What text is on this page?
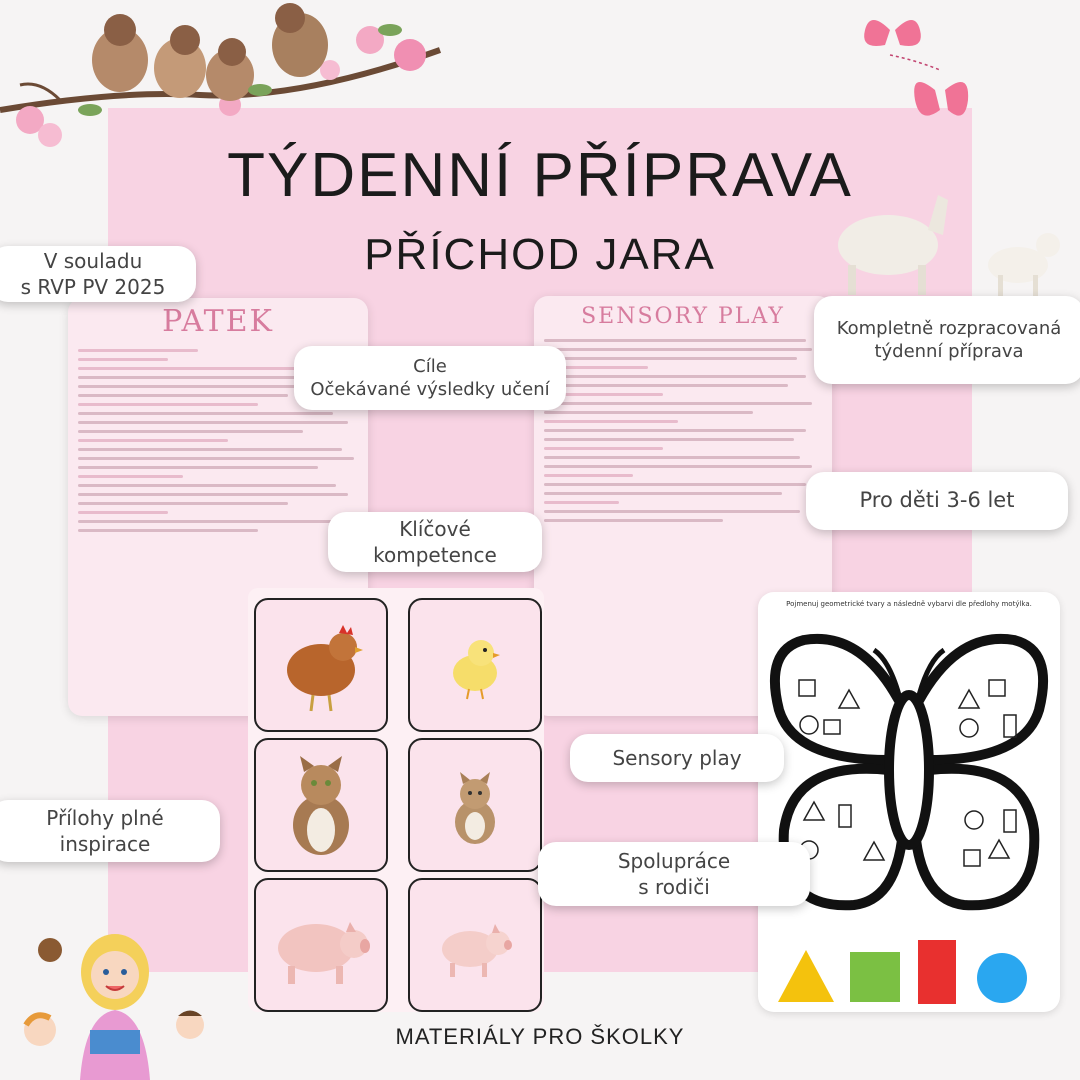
TÝDENNÍ PŘÍPRAVA
PŘÍCHOD JARA
PATEK	SENSORY PLAY
Pojmenuj geometrické tvary a následně vybarvi dle předlohy motýlka.
V souladu
s RVP PV 2025
Kompletně rozpracovaná
týdenní příprava
Pro děti 3-6 let
Cíle
Očekávané výsledky učení
Klíčové
kompetence
Sensory play
Spolupráce
s rodiči
Přílohy plné
inspirace
MATERIÁLY PRO ŠKOLKY
